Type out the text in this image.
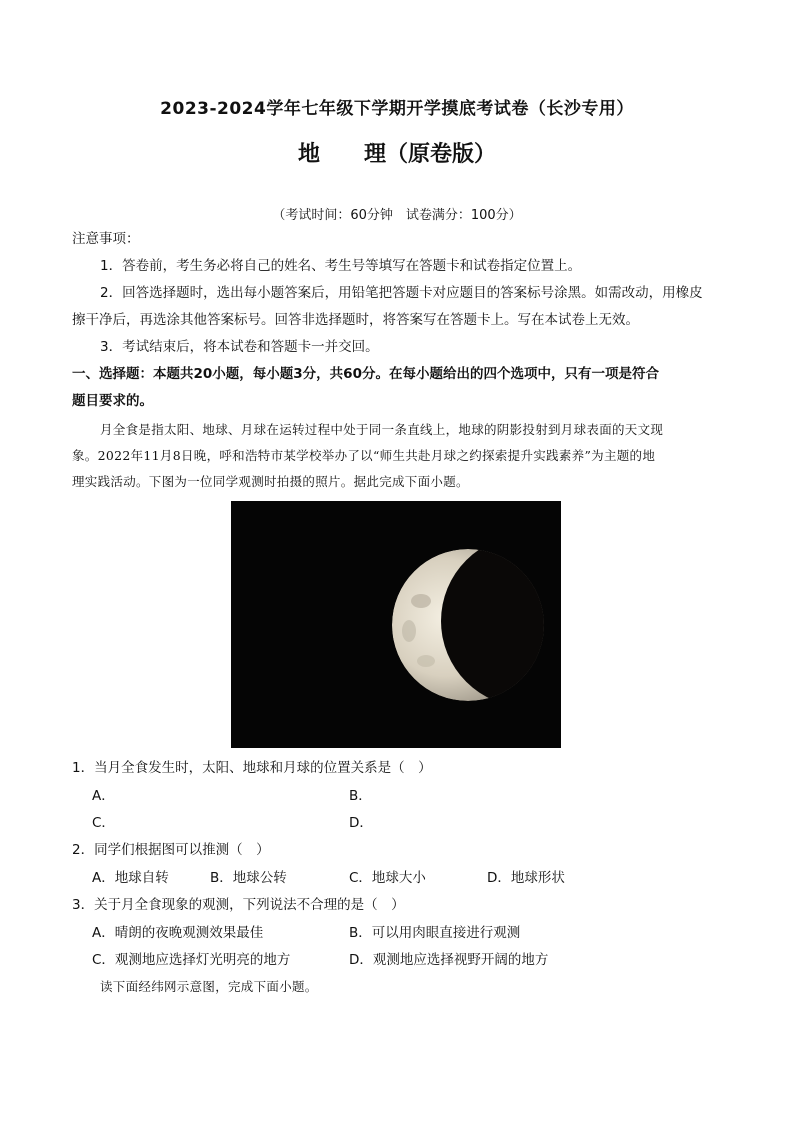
2023-2024学年七年级下学期开学摸底考试卷（长沙专用）
地 理（原卷版）
（考试时间：60分钟　试卷满分：100分）
注意事项：
1．答卷前，考生务必将自己的姓名、考生号等填写在答题卡和试卷指定位置上。
2．回答选择题时，选出每小题答案后，用铅笔把答题卡对应题目的答案标号涂黑。如需改动，用橡皮
擦干净后，再选涂其他答案标号。回答非选择题时，将答案写在答题卡上。写在本试卷上无效。
3．考试结束后，将本试卷和答题卡一并交回。
一、选择题：本题共20小题，每小题3分，共60分。在每小题给出的四个选项中，只有一项是符合
题目要求的。
月全食是指太阳、地球、月球在运转过程中处于同一条直线上，地球的阴影投射到月球表面的天文现
象。2022年11月8日晚，呼和浩特市某学校举办了以“师生共赴月球之约探索提升实践素养”为主题的地
理实践活动。下图为一位同学观测时拍摄的照片。据此完成下面小题。
1．当月全食发生时，太阳、地球和月球的位置关系是（　）
A．	B．
C．	D．
2．同学们根据图可以推测（　）
A．地球自转	B．地球公转	C．地球大小	D．地球形状
3．关于月全食现象的观测，下列说法不合理的是（　）
A．晴朗的夜晚观测效果最佳	B．可以用肉眼直接进行观测
C．观测地应选择灯光明亮的地方	D．观测地应选择视野开阔的地方
读下面经纬网示意图，完成下面小题。
